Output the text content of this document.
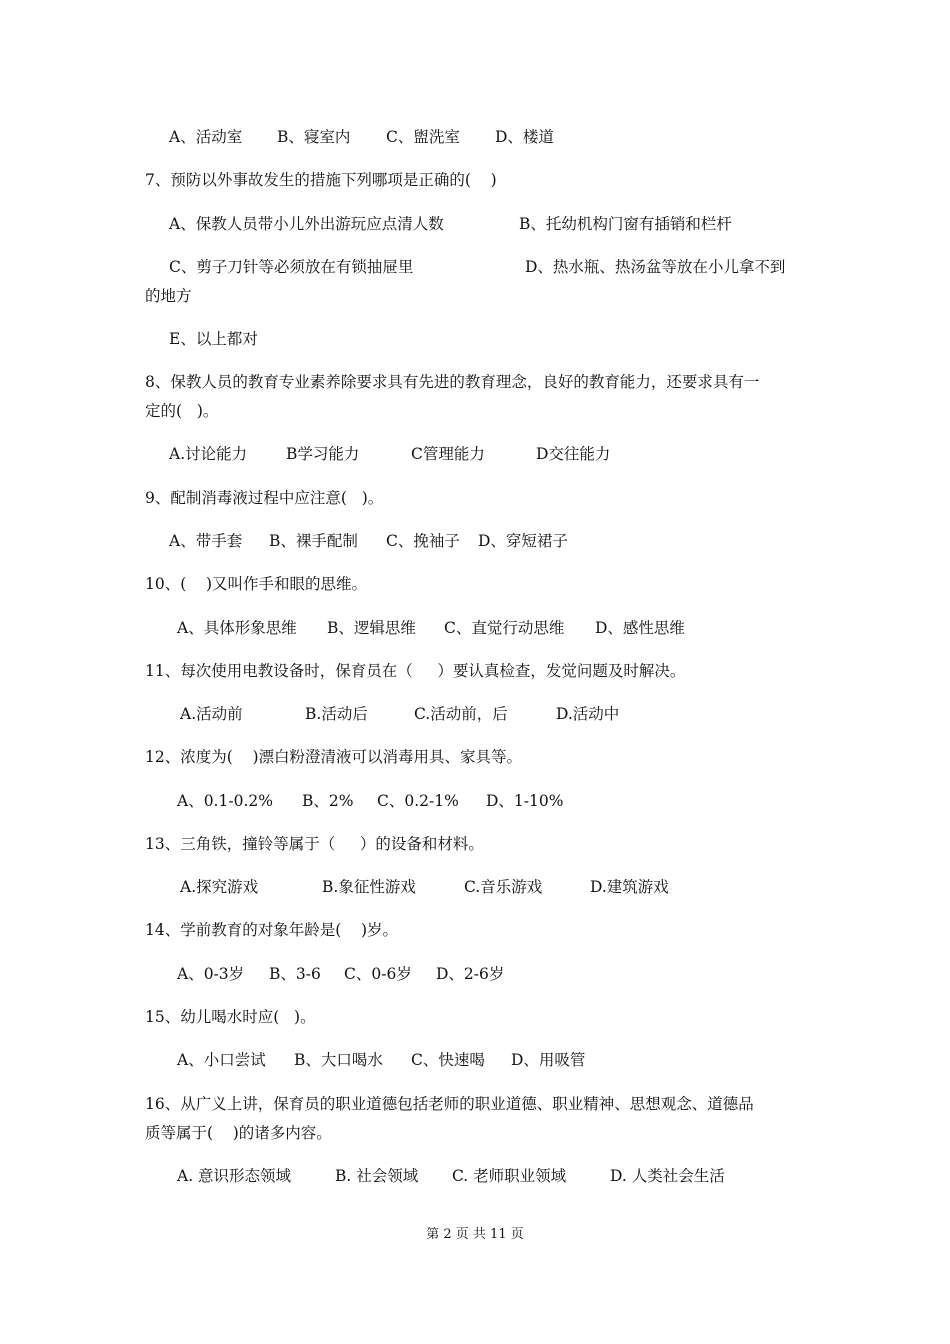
A、活动室 B、寝室内 C、盥洗室 D、楼道
7、预防以外事故发生的措施下列哪项是正确的(    )
A、保教人员带小儿外出游玩应点清人数	B、托幼机构门窗有插销和栏杆
C、剪子刀针等必须放在有锁抽屉里	D、热水瓶、热汤盆等放在小儿拿不到
的地方
E、以上都对
8、保教人员的教育专业素养除要求具有先进的教育理念，良好的教育能力，还要求具有一
定的(   )。
A.讨论能力	B学习能力	C管理能力	D交往能力
9、配制消毒液过程中应注意(   )。
A、带手套 B、裸手配制 C、挽袖子 D、穿短裙子
10、(    )又叫作手和眼的思维。
A、具体形象思维 B、逻辑思维 C、直觉行动思维 D、感性思维
11、每次使用电教设备时，保育员在（     ）要认真检查，发觉问题及时解决。
A.活动前	B.活动后	C.活动前，后	D.活动中
12、浓度为(    )漂白粉澄清液可以消毒用具、家具等。
A、0.1-0.2% B、2% C、0.2-1% D、1-10%
13、三角铁，撞铃等属于（     ）的设备和材料。
A.探究游戏	B.象征性游戏	C.音乐游戏	D.建筑游戏
14、学前教育的对象年龄是(    )岁。
A、0-3岁 B、3-6 C、0-6岁 D、2-6岁
15、幼儿喝水时应(   )。
A、小口尝试 B、大口喝水 C、快速喝 D、用吸管
16、从广义上讲，保育员的职业道德包括老师的职业道德、职业精神、思想观念、道德品
质等属于(    )的诸多内容。
A. 意识形态领域	B. 社会领域 C. 老师职业领域	D. 人类社会生活
第 2 页 共 11 页
